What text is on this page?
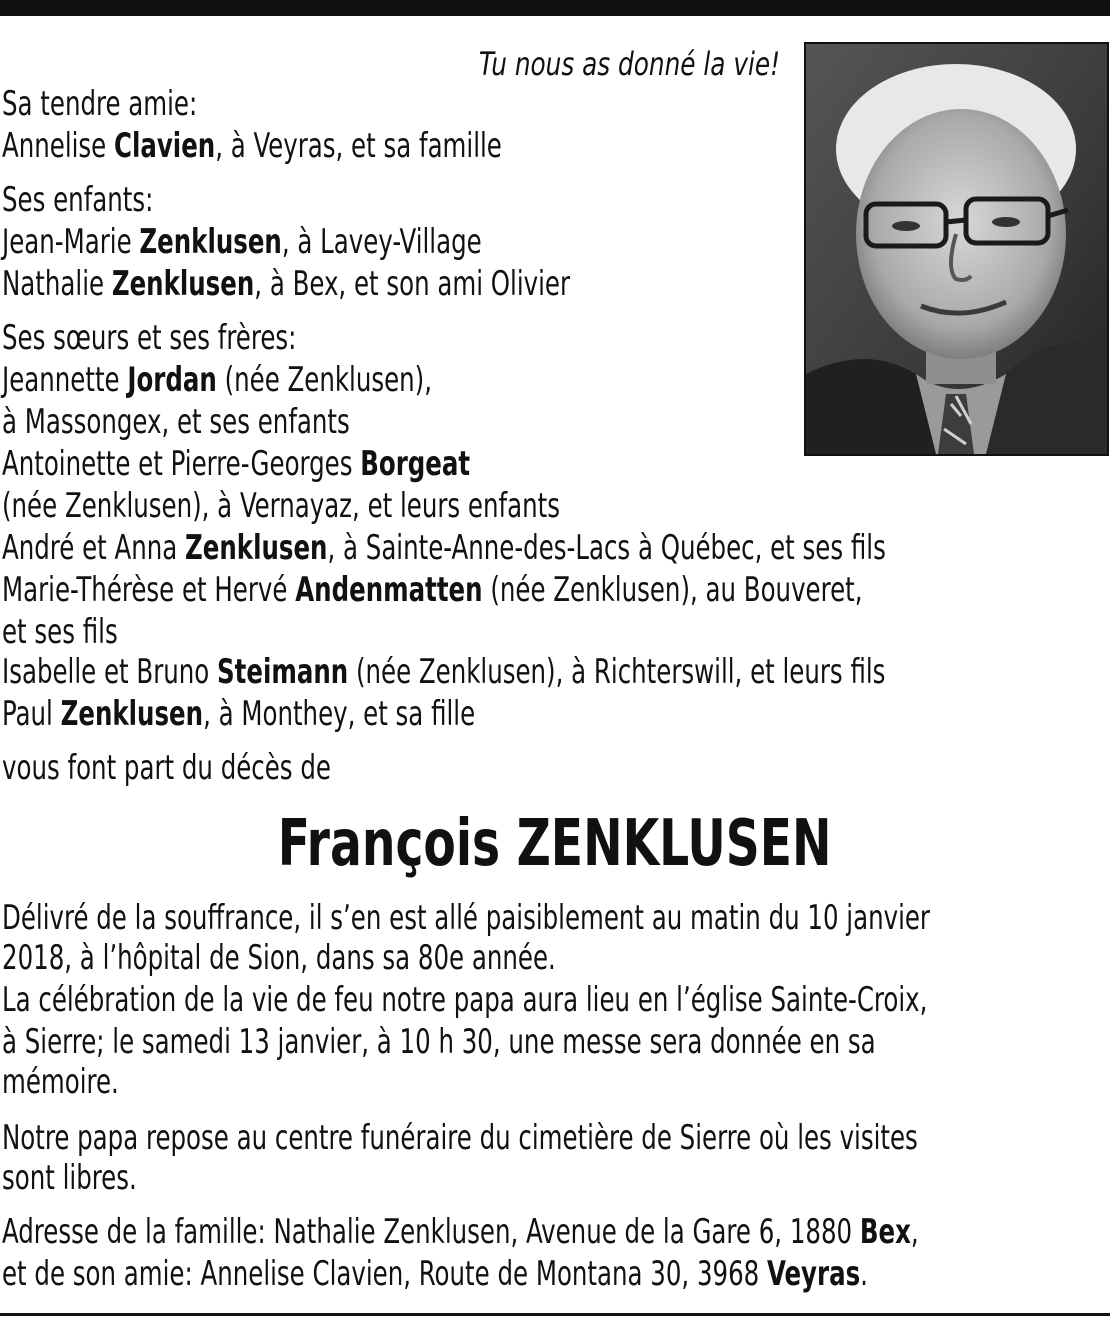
Tu nous as donné la vie!
Sa tendre amie:
Annelise Clavien, à Veyras, et sa famille
Ses enfants:
Jean-Marie Zenklusen, à Lavey-Village
Nathalie Zenklusen, à Bex, et son ami Olivier
Ses sœurs et ses frères:
Jeannette Jordan (née Zenklusen),
à Massongex, et ses enfants
Antoinette et Pierre-Georges Borgeat
(née Zenklusen), à Vernayaz, et leurs enfants
André et Anna Zenklusen, à Sainte-Anne-des-Lacs à Québec, et ses fils
Marie-Thérèse et Hervé Andenmatten (née Zenklusen), au Bouveret,
et ses fils
Isabelle et Bruno Steimann (née Zenklusen), à Richterswill, et leurs fils
Paul Zenklusen, à Monthey, et sa fille
vous font part du décès de
François ZENKLUSEN
Délivré de la souffrance, il s’en est allé paisiblement au matin du 10 janvier
2018, à l’hôpital de Sion, dans sa 80e année.
La célébration de la vie de feu notre papa aura lieu en l’église Sainte-Croix,
à Sierre; le samedi 13 janvier, à 10 h 30, une messe sera donnée en sa
mémoire.
Notre papa repose au centre funéraire du cimetière de Sierre où les visites
sont libres.
Adresse de la famille: Nathalie Zenklusen, Avenue de la Gare 6, 1880 Bex,
et de son amie: Annelise Clavien, Route de Montana 30, 3968 Veyras.
